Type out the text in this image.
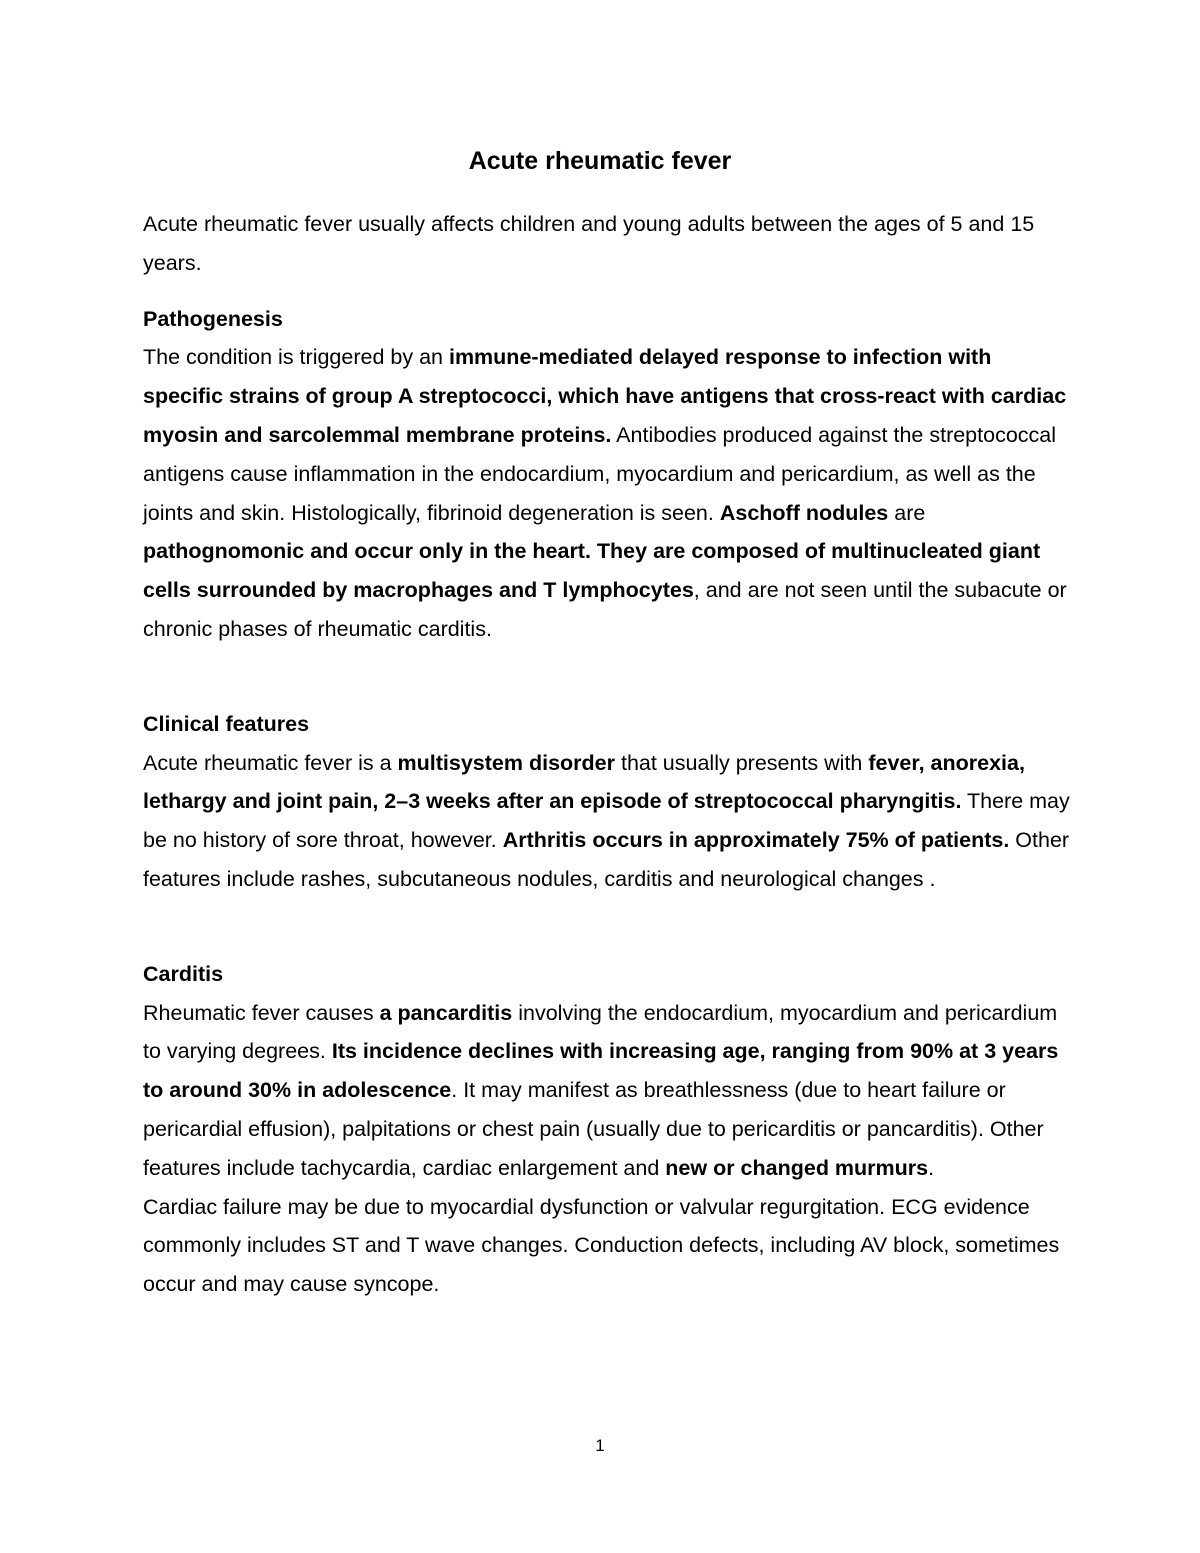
Acute rheumatic fever

Acute rheumatic fever usually affects children and young adults between the ages of 5 and 15 years.

Pathogenesis

The condition is triggered by an immune-mediated delayed response to infection with specific strains of group A streptococci, which have antigens that cross-react with cardiac myosin and sarcolemmal membrane proteins. Antibodies produced against the streptococcal antigens cause inflammation in the endocardium, myocardium and pericardium, as well as the joints and skin. Histologically, fibrinoid degeneration is seen. Aschoff nodules are pathognomonic and occur only in the heart. They are composed of multinucleated giant cells surrounded by macrophages and T lymphocytes, and are not seen until the subacute or chronic phases of rheumatic carditis.

Clinical features

Acute rheumatic fever is a multisystem disorder that usually presents with fever, anorexia, lethargy and joint pain, 2–3 weeks after an episode of streptococcal pharyngitis. There may be no history of sore throat, however. Arthritis occurs in approximately 75% of patients. Other features include rashes, subcutaneous nodules, carditis and neurological changes .

Carditis

Rheumatic fever causes a pancarditis involving the endocardium, myocardium and pericardium to varying degrees. Its incidence declines with increasing age, ranging from 90% at 3 years to around 30% in adolescence. It may manifest as breathlessness (due to heart failure or pericardial effusion), palpitations or chest pain (usually due to pericarditis or pancarditis). Other features include tachycardia, cardiac enlargement and new or changed murmurs.

Cardiac failure may be due to myocardial dysfunction or valvular regurgitation. ECG evidence commonly includes ST and T wave changes. Conduction defects, including AV block, sometimes occur and may cause syncope.

1
